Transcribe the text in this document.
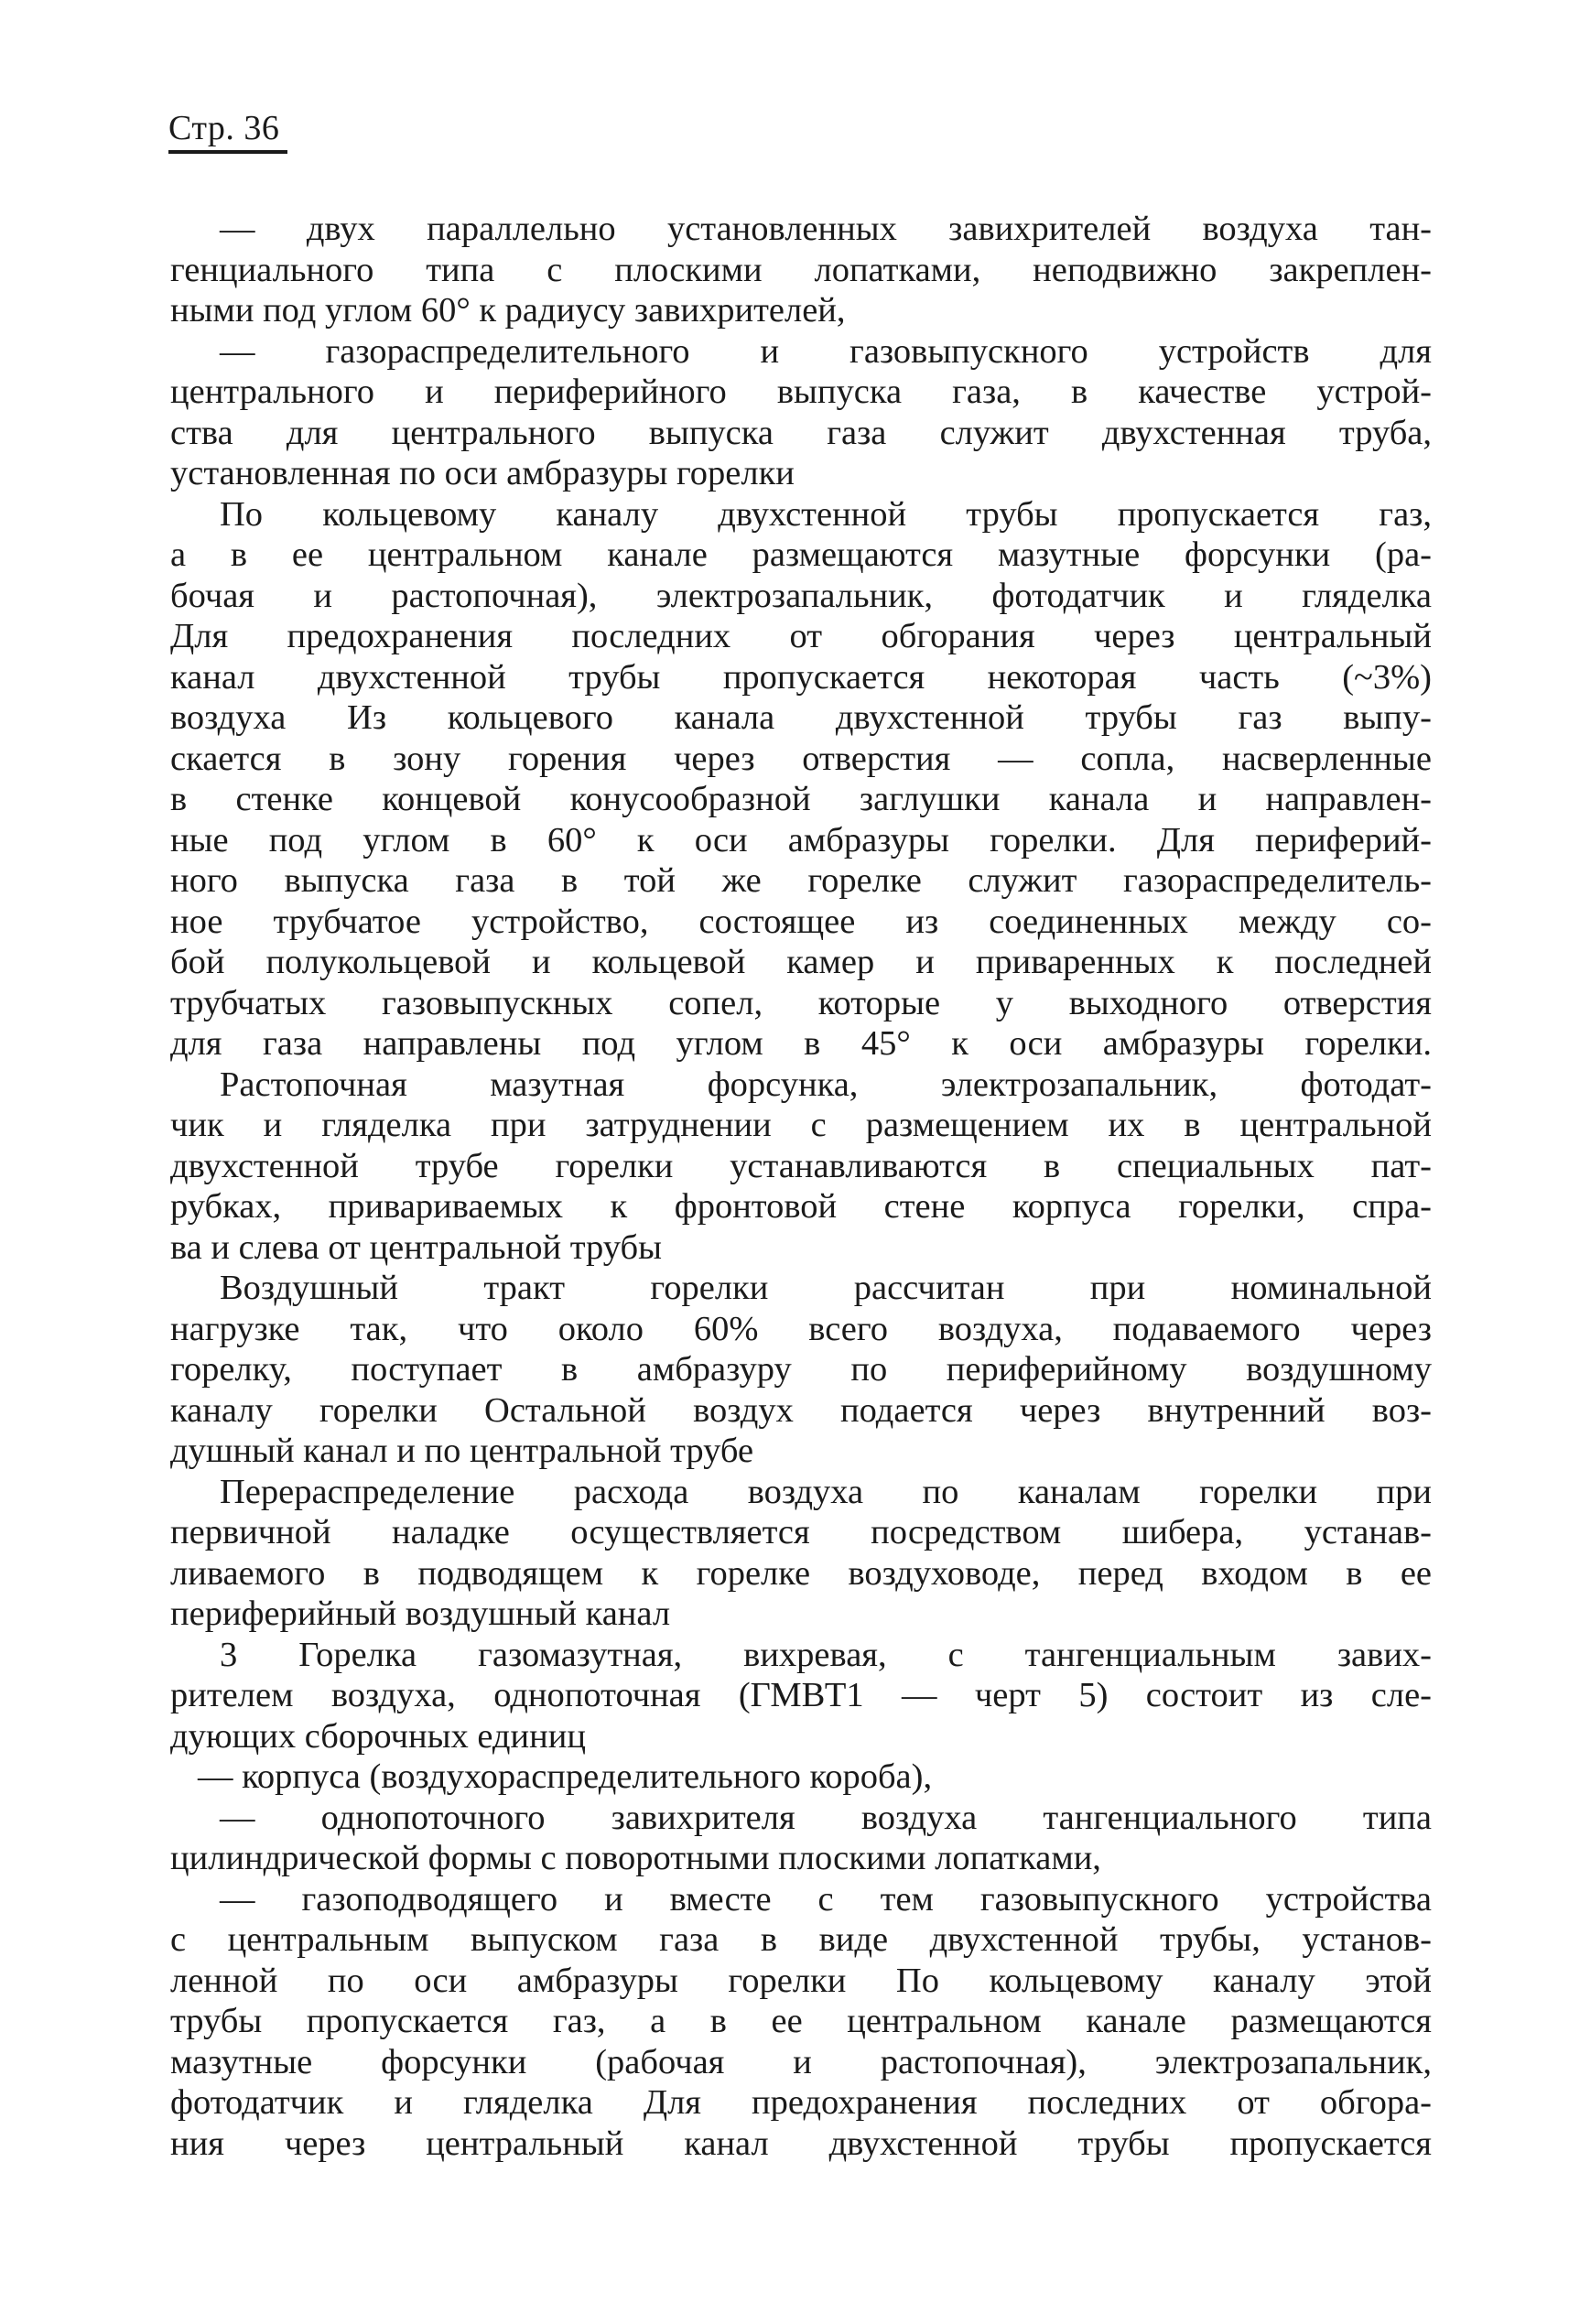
Стр. 36
— двух параллельно установленных завихрителей воздуха тан-
генциального типа с плоскими лопатками, неподвижно закреплен-
ными под углом 60° к радиусу завихрителей,
— газораспределительного и газовыпускного устройств для
центрального и периферийного выпуска газа, в качестве устрой-
ства для центрального выпуска газа служит двухстенная труба,
установленная по оси амбразуры горелки
По кольцевому каналу двухстенной трубы пропускается газ,
а в ее центральном канале размещаются мазутные форсунки (ра-
бочая и растопочная), электрозапальник, фотодатчик и гляделка
Для предохранения последних от обгорания через центральный
канал двухстенной трубы пропускается некоторая часть (~3%)
воздуха Из кольцевого канала двухстенной трубы газ выпу-
скается в зону горения через отверстия — сопла, насверленные
в стенке концевой конусообразной заглушки канала и направлен-
ные под углом в 60° к оси амбразуры горелки. Для периферий-
ного выпуска газа в той же горелке служит газораспределитель-
ное трубчатое устройство, состоящее из соединенных между со-
бой полукольцевой и кольцевой камер и приваренных к последней
трубчатых газовыпускных сопел, которые у выходного отверстия
для газа направлены под углом в 45° к оси амбразуры горелки.
Растопочная мазутная форсунка, электрозапальник, фотодат-
чик и гляделка при затруднении с размещением их в центральной
двухстенной трубе горелки устанавливаются в специальных пат-
рубках, привариваемых к фронтовой стене корпуса горелки, спра-
ва и слева от центральной трубы
Воздушный тракт горелки рассчитан при номинальной
нагрузке так, что около 60% всего воздуха, подаваемого через
горелку, поступает в амбразуру по периферийному воздушному
каналу горелки Остальной воздух подается через внутренний воз-
душный канал и по центральной трубе
Перераспределение расхода воздуха по каналам горелки при
первичной наладке осуществляется посредством шибера, устанав-
ливаемого в подводящем к горелке воздуховоде, перед входом в ее
периферийный воздушный канал
3 Горелка газомазутная, вихревая, с тангенциальным завих-
рителем воздуха, однопоточная (ГМВТ1 — черт 5) состоит из сле-
дующих сборочных единиц
— корпуса (воздухораспределительного короба),
— однопоточного завихрителя воздуха тангенциального типа
цилиндрической формы с поворотными плоскими лопатками,
— газоподводящего и вместе с тем газовыпускного устройства
с центральным выпуском газа в виде двухстенной трубы, установ-
ленной по оси амбразуры горелки По кольцевому каналу этой
трубы пропускается газ, а в ее центральном канале размещаются
мазутные форсунки (рабочая и растопочная), электрозапальник,
фотодатчик и гляделка Для предохранения последних от обгора-
ния через центральный канал двухстенной трубы пропускается
